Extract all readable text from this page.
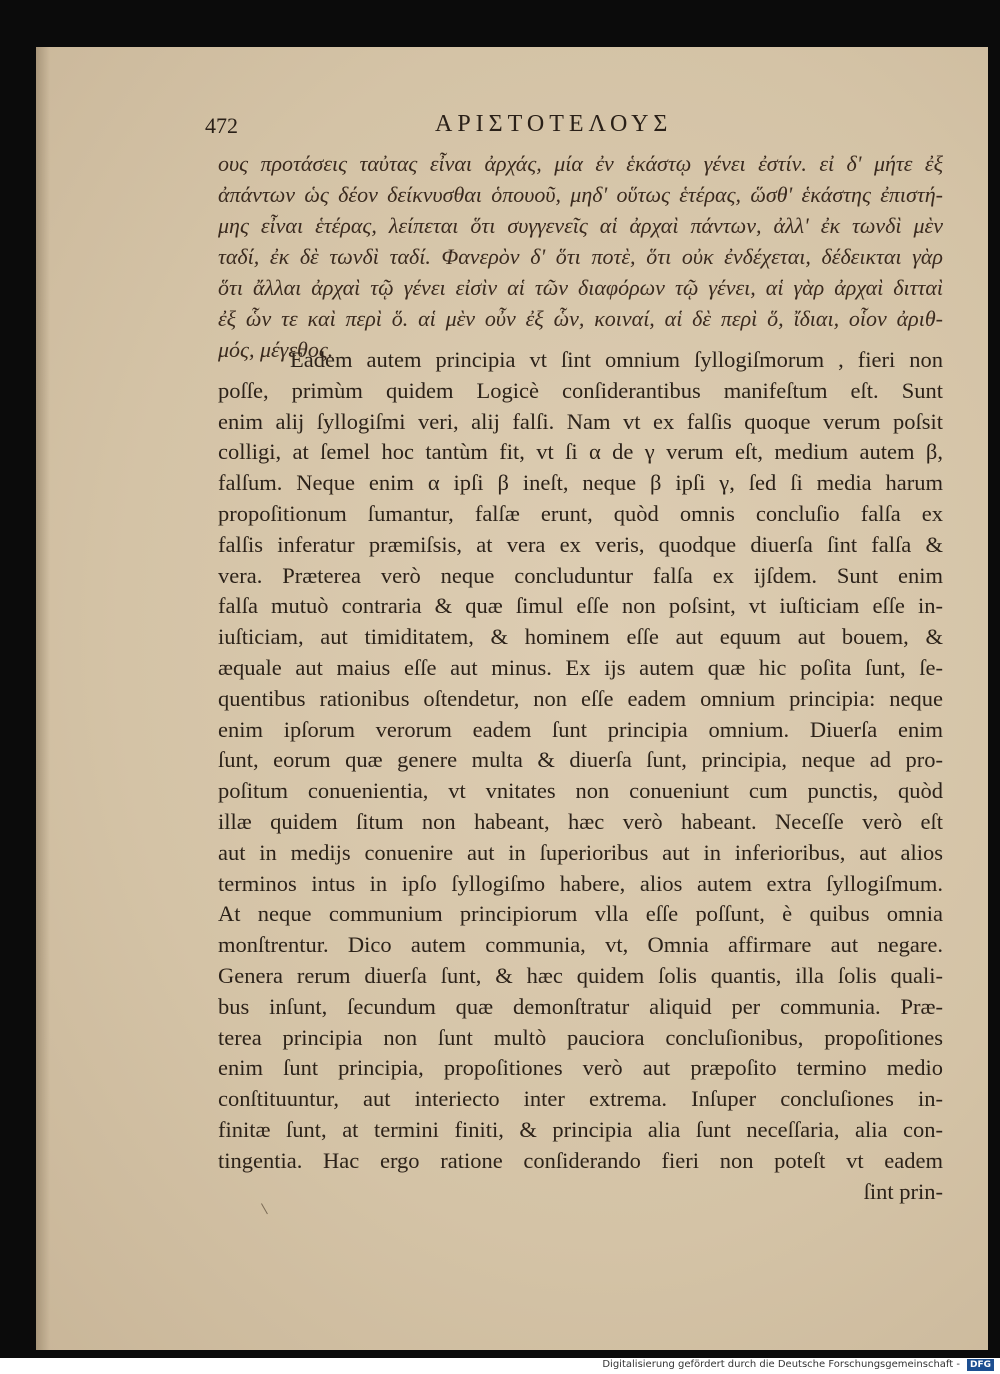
472	ΑΡΙΣΤΟΤΕΛΟΥΣ
ους προτάσεις ταὐτας εἶναι ἀρχάς, μία ἐν ἑκάστῳ γένει ἐστίν. εἰ δ' μήτε ἐξ
ἀπάντων ὡς δέον δείκνυσθαι ὁπουοῦ, μηδ' οὕτως ἑτέρας, ὥσθ' ἑκάστης ἐπιστή-
μης εἶναι ἑτέρας, λείπεται ὅτι συγγενεῖς αἱ ἀρχαὶ πάντων, ἀλλ' ἐκ τωνδὶ μὲν
ταδί, ἐκ δὲ τωνδὶ ταδί. Φανερὸν δ' ὅτι ποτὲ, ὅτι οὐκ ἐνδέχεται, δέδεικται γὰρ
ὅτι ἄλλαι ἀρχαὶ τῷ γένει εἰσὶν αἱ τῶν διαφόρων τῷ γένει, αἱ γὰρ ἀρχαὶ διτταὶ
ἐξ ὧν τε καὶ περὶ ὅ. αἱ μὲν οὖν ἐξ ὧν, κοιναί, αἱ δὲ περὶ ὅ, ἴδιαι, οἷον ἀριθ-
μός, μέγεθος.
Eadem autem principia vt ſint omnium ſyllogiſmorum , fieri non
poſſe, primùm quidem Logicè conſiderantibus manifeſtum eſt. Sunt
enim alij ſyllogiſmi veri, alij falſi. Nam vt ex falſis quoque verum poſsit
colligi, at ſemel hoc tantùm fit, vt ſi α de γ verum eſt, medium autem β,
falſum. Neque enim α ipſi β ineſt, neque β ipſi γ, ſed ſi media harum
propoſitionum ſumantur, falſæ erunt, quòd omnis concluſio falſa ex
falſis inferatur præmiſsis, at vera ex veris, quodque diuerſa ſint falſa &
vera. Præterea verò neque concluduntur falſa ex ijſdem. Sunt enim
falſa mutuò contraria & quæ ſimul eſſe non poſsint, vt iuſticiam eſſe in-
iuſticiam, aut timiditatem, & hominem eſſe aut equum aut bouem, &
æquale aut maius eſſe aut minus. Ex ijs autem quæ hic poſita ſunt, ſe-
quentibus rationibus oſtendetur, non eſſe eadem omnium principia: neque
enim ipſorum verorum eadem ſunt principia omnium. Diuerſa enim
ſunt, eorum quæ genere multa & diuerſa ſunt, principia, neque ad pro-
poſitum conuenientia, vt vnitates non conueniunt cum punctis, quòd
illæ quidem ſitum non habeant, hæc verò habeant. Neceſſe verò eſt
aut in medijs conuenire aut in ſuperioribus aut in inferioribus, aut alios
terminos intus in ipſo ſyllogiſmo habere, alios autem extra ſyllogiſmum.
At neque communium principiorum vlla eſſe poſſunt, è quibus omnia
monſtrentur. Dico autem communia, vt, Omnia affirmare aut negare.
Genera rerum diuerſa ſunt, & hæc quidem ſolis quantis, illa ſolis quali-
bus inſunt, ſecundum quæ demonſtratur aliquid per communia. Præ-
terea principia non ſunt multò pauciora concluſionibus, propoſitiones
enim ſunt principia, propoſitiones verò aut præpoſito termino medio
conſtituuntur, aut interiecto inter extrema. Inſuper concluſiones in-
finitæ ſunt, at termini finiti, & principia alia ſunt neceſſaria, alia con-
tingentia. Hac ergo ratione conſiderando fieri non poteſt vt eadem
ſint prin-
Digitalisierung gefördert durch die Deutsche Forschungsgemeinschaft -	DFG
